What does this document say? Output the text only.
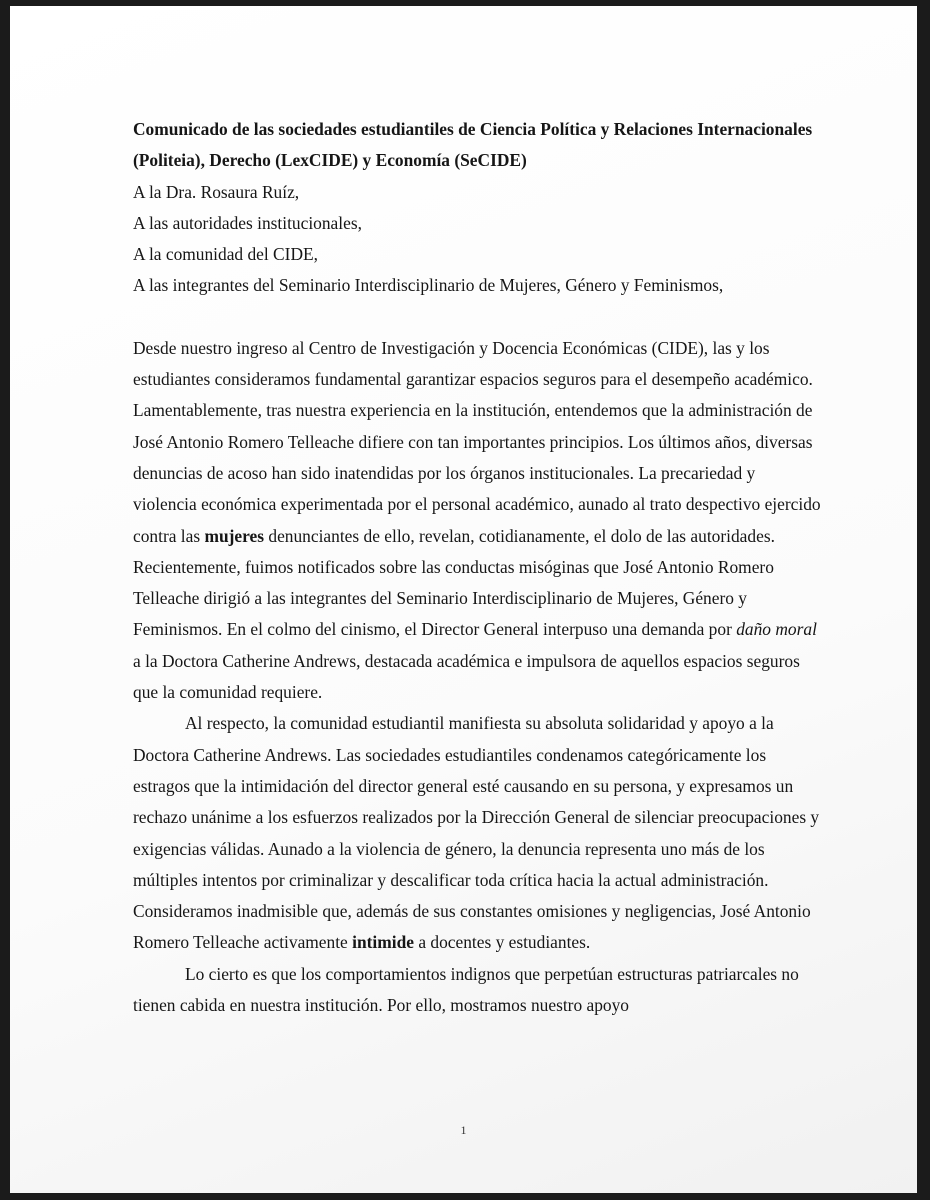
Comunicado de las sociedades estudiantiles de Ciencia Política y Relaciones Internacionales (Politeia), Derecho (LexCIDE) y Economía (SeCIDE)

A la Dra. Rosaura Ruíz,

A las autoridades institucionales,

A la comunidad del CIDE,

A las integrantes del Seminario Interdisciplinario de Mujeres, Género y Feminismos,

Desde nuestro ingreso al Centro de Investigación y Docencia Económicas (CIDE), las y los estudiantes consideramos fundamental garantizar espacios seguros para el desempeño académico. Lamentablemente, tras nuestra experiencia en la institución, entendemos que la administración de José Antonio Romero Telleache difiere con tan importantes principios. Los últimos años, diversas denuncias de acoso han sido inatendidas por los órganos institucionales. La precariedad y violencia económica experimentada por el personal académico, aunado al trato despectivo ejercido contra las mujeres denunciantes de ello, revelan, cotidianamente, el dolo de las autoridades. Recientemente, fuimos notificados sobre las conductas misóginas que José Antonio Romero Telleache dirigió a las integrantes del Seminario Interdisciplinario de Mujeres, Género y Feminismos. En el colmo del cinismo, el Director General interpuso una demanda por daño moral a la Doctora Catherine Andrews, destacada académica e impulsora de aquellos espacios seguros que la comunidad requiere.

Al respecto, la comunidad estudiantil manifiesta su absoluta solidaridad y apoyo a la Doctora Catherine Andrews. Las sociedades estudiantiles condenamos categóricamente los estragos que la intimidación del director general esté causando en su persona, y expresamos un rechazo unánime a los esfuerzos realizados por la Dirección General de silenciar preocupaciones y exigencias válidas. Aunado a la violencia de género, la denuncia representa uno más de los múltiples intentos por criminalizar y descalificar toda crítica hacia la actual administración. Consideramos inadmisible que, además de sus constantes omisiones y negligencias, José Antonio Romero Telleache activamente intimide a docentes y estudiantes.

Lo cierto es que los comportamientos indignos que perpetúan estructuras patriarcales no tienen cabida en nuestra institución. Por ello, mostramos nuestro apoyo

1
